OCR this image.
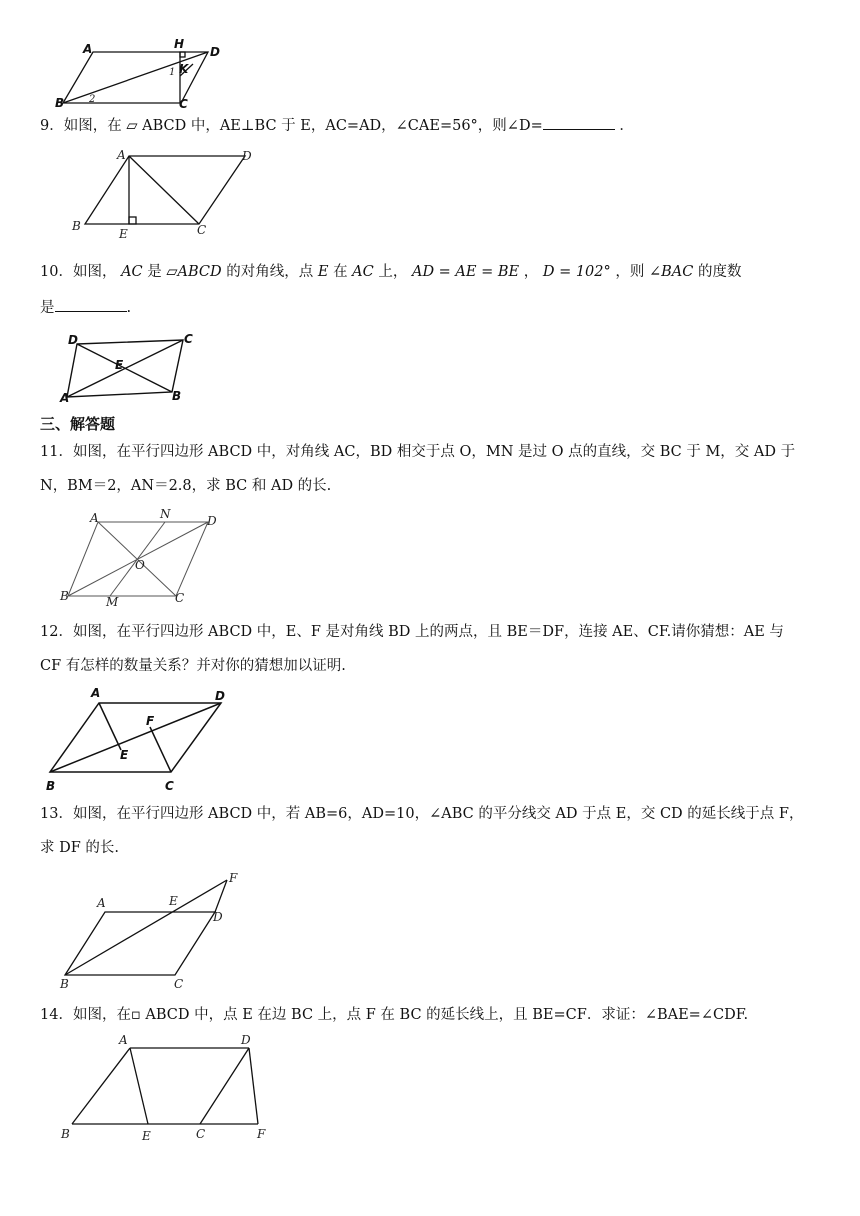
A	H
D
K
1
B 2	C
9．如图，在 ▱ ABCD 中，AE⊥BC 于 E，AC=AD，∠CAE=56°，则∠D=	．
A	D
B
E	C
10．如图， AC 是 ▱ABCD 的对角线，点 E 在 AC 上， AD = AE = BE ， D = 102° ，则 ∠BAC 的度数
是	.
D	C
E
A	B
三、解答题
11．如图，在平行四边形 ABCD 中，对角线 AC，BD 相交于点 O，MN 是过 O 点的直线，交 BC 于 M，交 AD 于
N，BM＝2，AN＝2.8，求 BC 和 AD 的长.
A	N	D
O
B	M	C
12．如图，在平行四边形 ABCD 中，E、F 是对角线 BD 上的两点，且 BE＝DF，连接 AE、CF.请你猜想：AE 与
CF 有怎样的数量关系？并对你的猜想加以证明.
A	D
F
E
B	C
13．如图，在平行四边形 ABCD 中，若 AB=6，AD=10，∠ABC 的平分线交 AD 于点 E，交 CD 的延长线于点 F，
求 DF 的长.
F
A	E
D
B	C
14．如图，在▫ ABCD 中，点 E 在边 BC 上，点 F 在 BC 的延长线上，且 BE=CF．求证：∠BAE=∠CDF.
A	D
B	E	C	F
